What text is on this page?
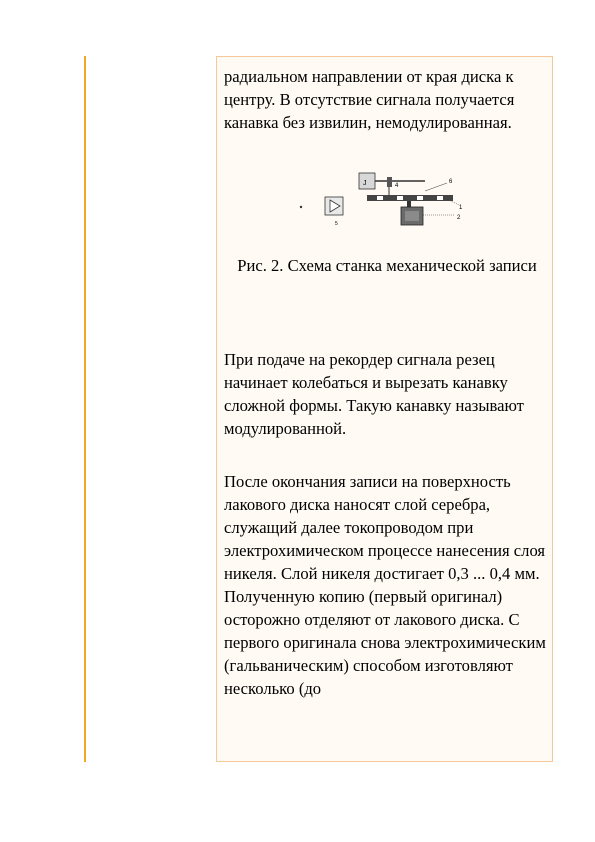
радиальном направлении от края диска к центру. В отсутствие сигнала получается канавка без извилин, немодулированная.
J	4
6
5
1
2
Рис. 2. Схема станка механической записи
При подаче на рекордер сигнала резец начинает колебаться и вырезать канавку сложной формы. Такую канавку называют модулированной.
После окончания записи на поверхность лакового диска наносят слой серебра, служащий далее токопроводом при электрохимическом процессе нанесения слоя никеля. Слой никеля достигает 0,3 ... 0,4 мм. Полученную копию (первый оригинал) осторожно отделяют от лакового диска. С первого оригинала снова электрохимическим (гальваническим) способом изготовляют несколько (до
